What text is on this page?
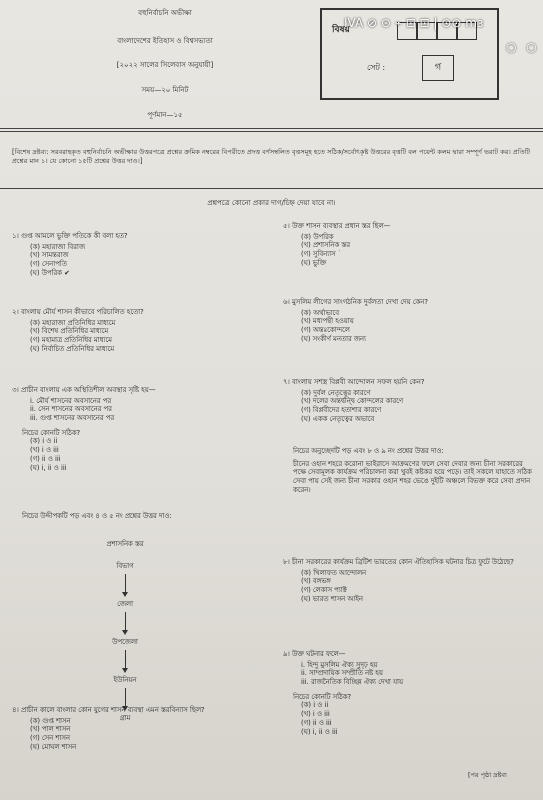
বহুনির্বাচনি অভীক্ষা
বাংলাদেশের ইতিহাস ও বিশ্বসভ্যতা
[২০২২ সালের সিলেবাস অনুযায়ী]
সময়—২০ মিনিট
পূর্ণমান—১৫
বিষয়
সেট :	গ
IVA ⊘ ⊙ ⌁ ⊡ ⊡ | ⊙⊙ ⅿɜ
○ ○
[বিশেষ দ্রষ্টব্য: সরবরাহকৃত বহুনির্বাচনি অভীক্ষার উত্তরপত্রে প্রশ্নের ক্রমিক নম্বরের বিপরীতে প্রদত্ত বর্ণসম্বলিত বৃত্তসমূহ হতে সঠিক/সর্বোৎকৃষ্ট উত্তরের বৃত্তটি বল পয়েন্ট কলম দ্বারা সম্পূর্ণ ভরাট কর। প্রতিটি প্রশ্নের মান ১। যে কোনো ১৫টি প্রশ্নের উত্তর দাও।]
প্রশ্নপত্রে কোনো প্রকার দাগ/চিহ্ন দেয়া যাবে না।
১। গুপ্ত আমলে ভুক্তি পতিকে কী বলা হত?
(ক) মহারাজা বিরাজ
(খ) সামন্তরাজ
(গ) সেনাপতি
(ঘ) উপরিক ✔
২। বাংলায় মৌর্য শাসন কীভাবে পরিচালিত হতো?
(ক) মহারাজা প্রতিনিধির মাধ্যমে
(খ) বিশেষ প্রতিনিধির মাধ্যমে
(গ) মহামাত্র প্রতিনিধির মাধ্যমে
(ঘ) নির্বাচিত প্রতিনিধির মাধ্যমে
৩। প্রাচীন বাংলায় এক অস্থিতিশীল অবস্থার সৃষ্টি হয়—
i. মৌর্য শাসনের অবসানের পর
ii. সেন শাসনের অবসানের পর
iii. গুপ্ত শাসনের অবসানের পর
নিচের কোনটি সঠিক?
(ক) i ও ii
(খ) i ও iii
(গ) ii ও iii
(ঘ) i, ii ও iii
নিচের উদ্দীপকটি পড় এবং ৪ ও ৫ নং প্রশ্নের উত্তর দাও:
প্রশাসনিক স্তর
বিভাগ
জেলা
উপজেলা
ইউনিয়ন
গ্রাম
৪। প্রাচীন কালে বাংলার কোন যুগের শাসন ব্যবস্থা এমন স্তরবিন্যাস ছিল?
(ক) গুপ্ত শাসন
(খ) পাল শাসন
(গ) সেন শাসন
(ঘ) মোঘল শাসন
৫। উক্ত শাসন ব্যবস্থার প্রধান স্তর ছিল—
(ক) উপরিক
(খ) প্রশাসনিক স্তর
(গ) সুবিন্যাস ˙
(ঘ) ভুক্তি
৬। মুসলিম লীগের সাংগঠনিক দুর্বলতা দেখা দেয় কেন?
(ক) অর্থাভাবে
(খ) মধ্যপন্থী হওয়ায়
(গ) অন্তঃকোন্দলে
(ঘ) সংকীর্ণ মনতার জন্য
৭। বাংলায় সশস্ত্র বিপ্লবী আন্দোলন সফল হয়নি কেন?
(ক) দুর্বল নেতৃত্বের কারণে
(খ) দলের অন্তর্দ্বন্দ্বি কোন্দলের কারণে
(গ) বিপ্লবীদের হতাশার কারণে
(ঘ) একক নেতৃত্বের অভাবে
নিচের অনুচ্ছেদটি পড় এবং ৮ ও ৯ নং প্রশ্নের উত্তর দাও:
চীনের ওহান শহরে করোনা ভাইরাসে আক্রমণের ফলে সেবা দেবার জন্য চীনা সরকারের পক্ষে সেবামূলক কার্যক্রম পরিচালনা করা খুবই কষ্টকর হয়ে পড়ে। তাই সকলে যাহাতে সঠিক সেবা পায় সেই জন্য চীনা সরকার ওহান শহর ভেঙে দুইটি অঞ্চলে বিভক্ত করে সেবা প্রদান করেন।
৮। চীনা সরকারের কার্যক্রম ব্রিটিশ ভারতের কোন ঐতিহাসিক ঘটনার চিত্র ফুটে উঠেছে?
(ক) খিলাফত আন্দোলন
(খ) বঙ্গভঙ্গ
(গ) লেকাস প্যাক্ট
(ঘ) ভারত শাসন আইন
৯। উক্ত ঘটনার ফলে—
i. হিন্দু মুসলিম ঐক্য সুদৃঢ় হয়
ii. সাম্প্রদায়িক সম্প্রীতি নষ্ট হয়
iii. রাজনৈতিক বিচ্ছিন্ন ঐক্য দেখা যায়
নিচের কোনটি সঠিক?
(ক) i ও ii
(খ) i ও iii
(গ) ii ও iii
(ঘ) i, ii ও iii
[পর পৃষ্ঠা দ্রষ্টব্য
